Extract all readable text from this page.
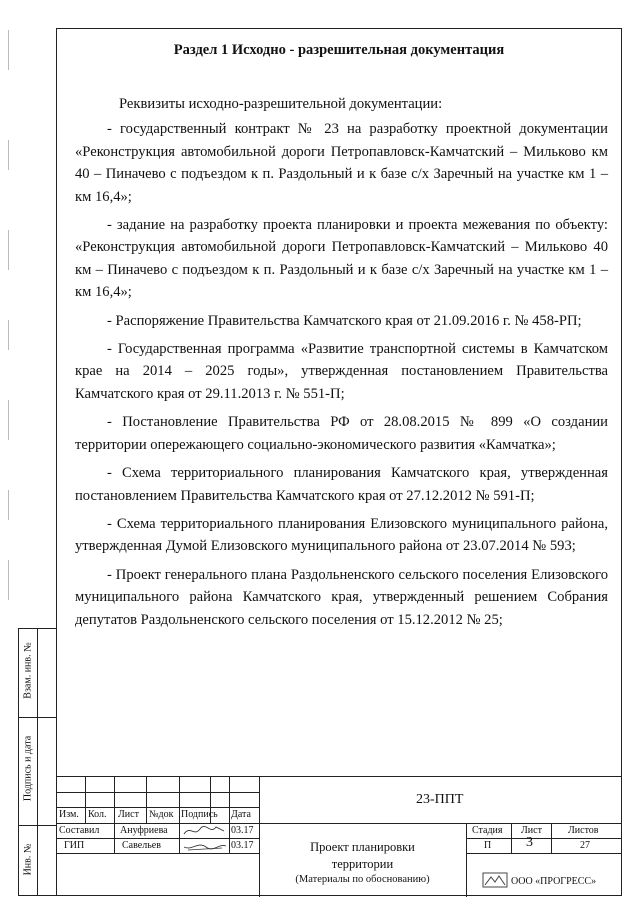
Раздел 1 Исходно - разрешительная документация

Реквизиты исходно-разрешительной документации:

- государственный контракт № 23 на разработку проектной документации «Реконструкция автомобильной дороги Петропавловск-Камчатский – Мильково км 40 – Пиначево с подъездом к п. Раздольный и к базе с/х Заречный на участке км 1 – км 16,4»;

- задание на разработку проекта планировки и проекта межевания по объекту: «Реконструкция автомобильной дороги Петропавловск-Камчатский – Мильково 40 км – Пиначево с подъездом к п. Раздольный и к базе с/х Заречный на участке км 1 – км 16,4»;

- Распоряжение Правительства Камчатского края от 21.09.2016 г. № 458-РП;

- Государственная программа «Развитие транспортной системы в Камчатском крае на 2014 – 2025 годы», утвержденная постановлением Правительства Камчатского края от 29.11.2013 г. № 551-П;

- Постановление Правительства РФ от 28.08.2015 № 899 «О создании территории опережающего социально-экономического развития «Камчатка»;

- Схема территориального планирования Камчатского края, утвержденная постановлением Правительства Камчатского края от 27.12.2012 № 591-П;

- Схема территориального планирования Елизовского муниципального района, утвержденная Думой Елизовского муниципального района от 23.07.2014 № 593;

- Проект генерального плана Раздольненского сельского поселения Елизовского муниципального района Камчатского края, утвержденный решением Собрания депутатов Раздольненского сельского поселения от 15.12.2012 № 25;

Взам. инв. №
Подпись и дата
Инв. №
23-ППТ
Изм. Кол. Лист №док Подпись Дата
Составил Ануфриева	03.17
ГИП	Савельев	03.17	Проект планировки
территории
(Материалы по обоснованию)
Стадия Лист	Листов
П 3	27
ООО «ПРОГРЕСС»
